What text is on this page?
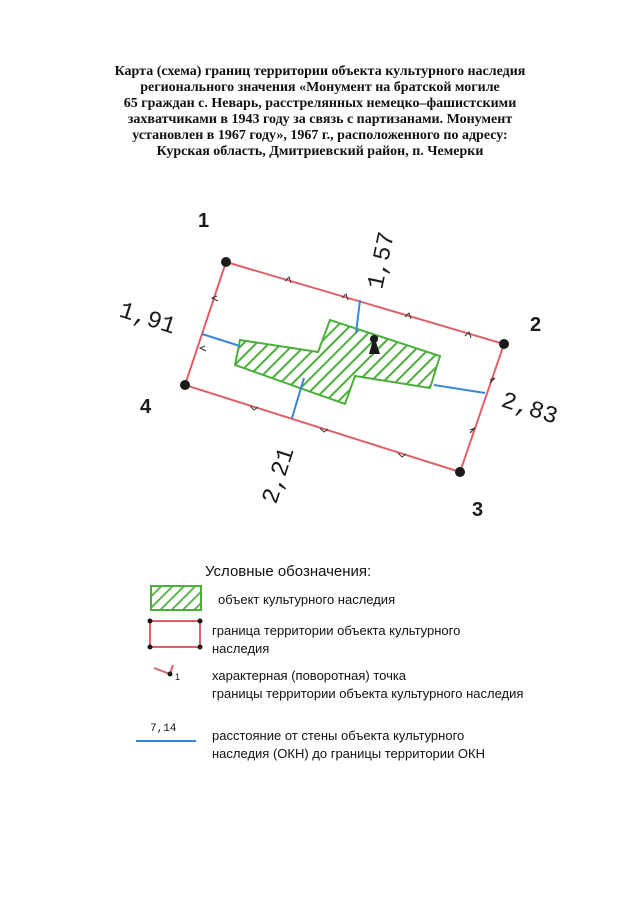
Карта (схема) границ территории объекта культурного наследия
регионального значения «Монумент на братской могиле
65 граждан с. Неварь, расстрелянных немецко–фашистскими
захватчиками в 1943 году за связь с партизанами. Монумент
установлен в 1967 году», 1967 г., расположенного по адресу:
Курская область, Дмитриевский район, п. Чемерки
1
2
3
4
1,57
1,91
2,83
2,21
Условные обозначения:
объект культурного наследия
граница территории объекта культурного
наследия
1 характерная (поворотная) точка
границы территории объекта культурного наследия
7,14	расстояние от стены объекта культурного
наследия (ОКН) до границы территории ОКН
